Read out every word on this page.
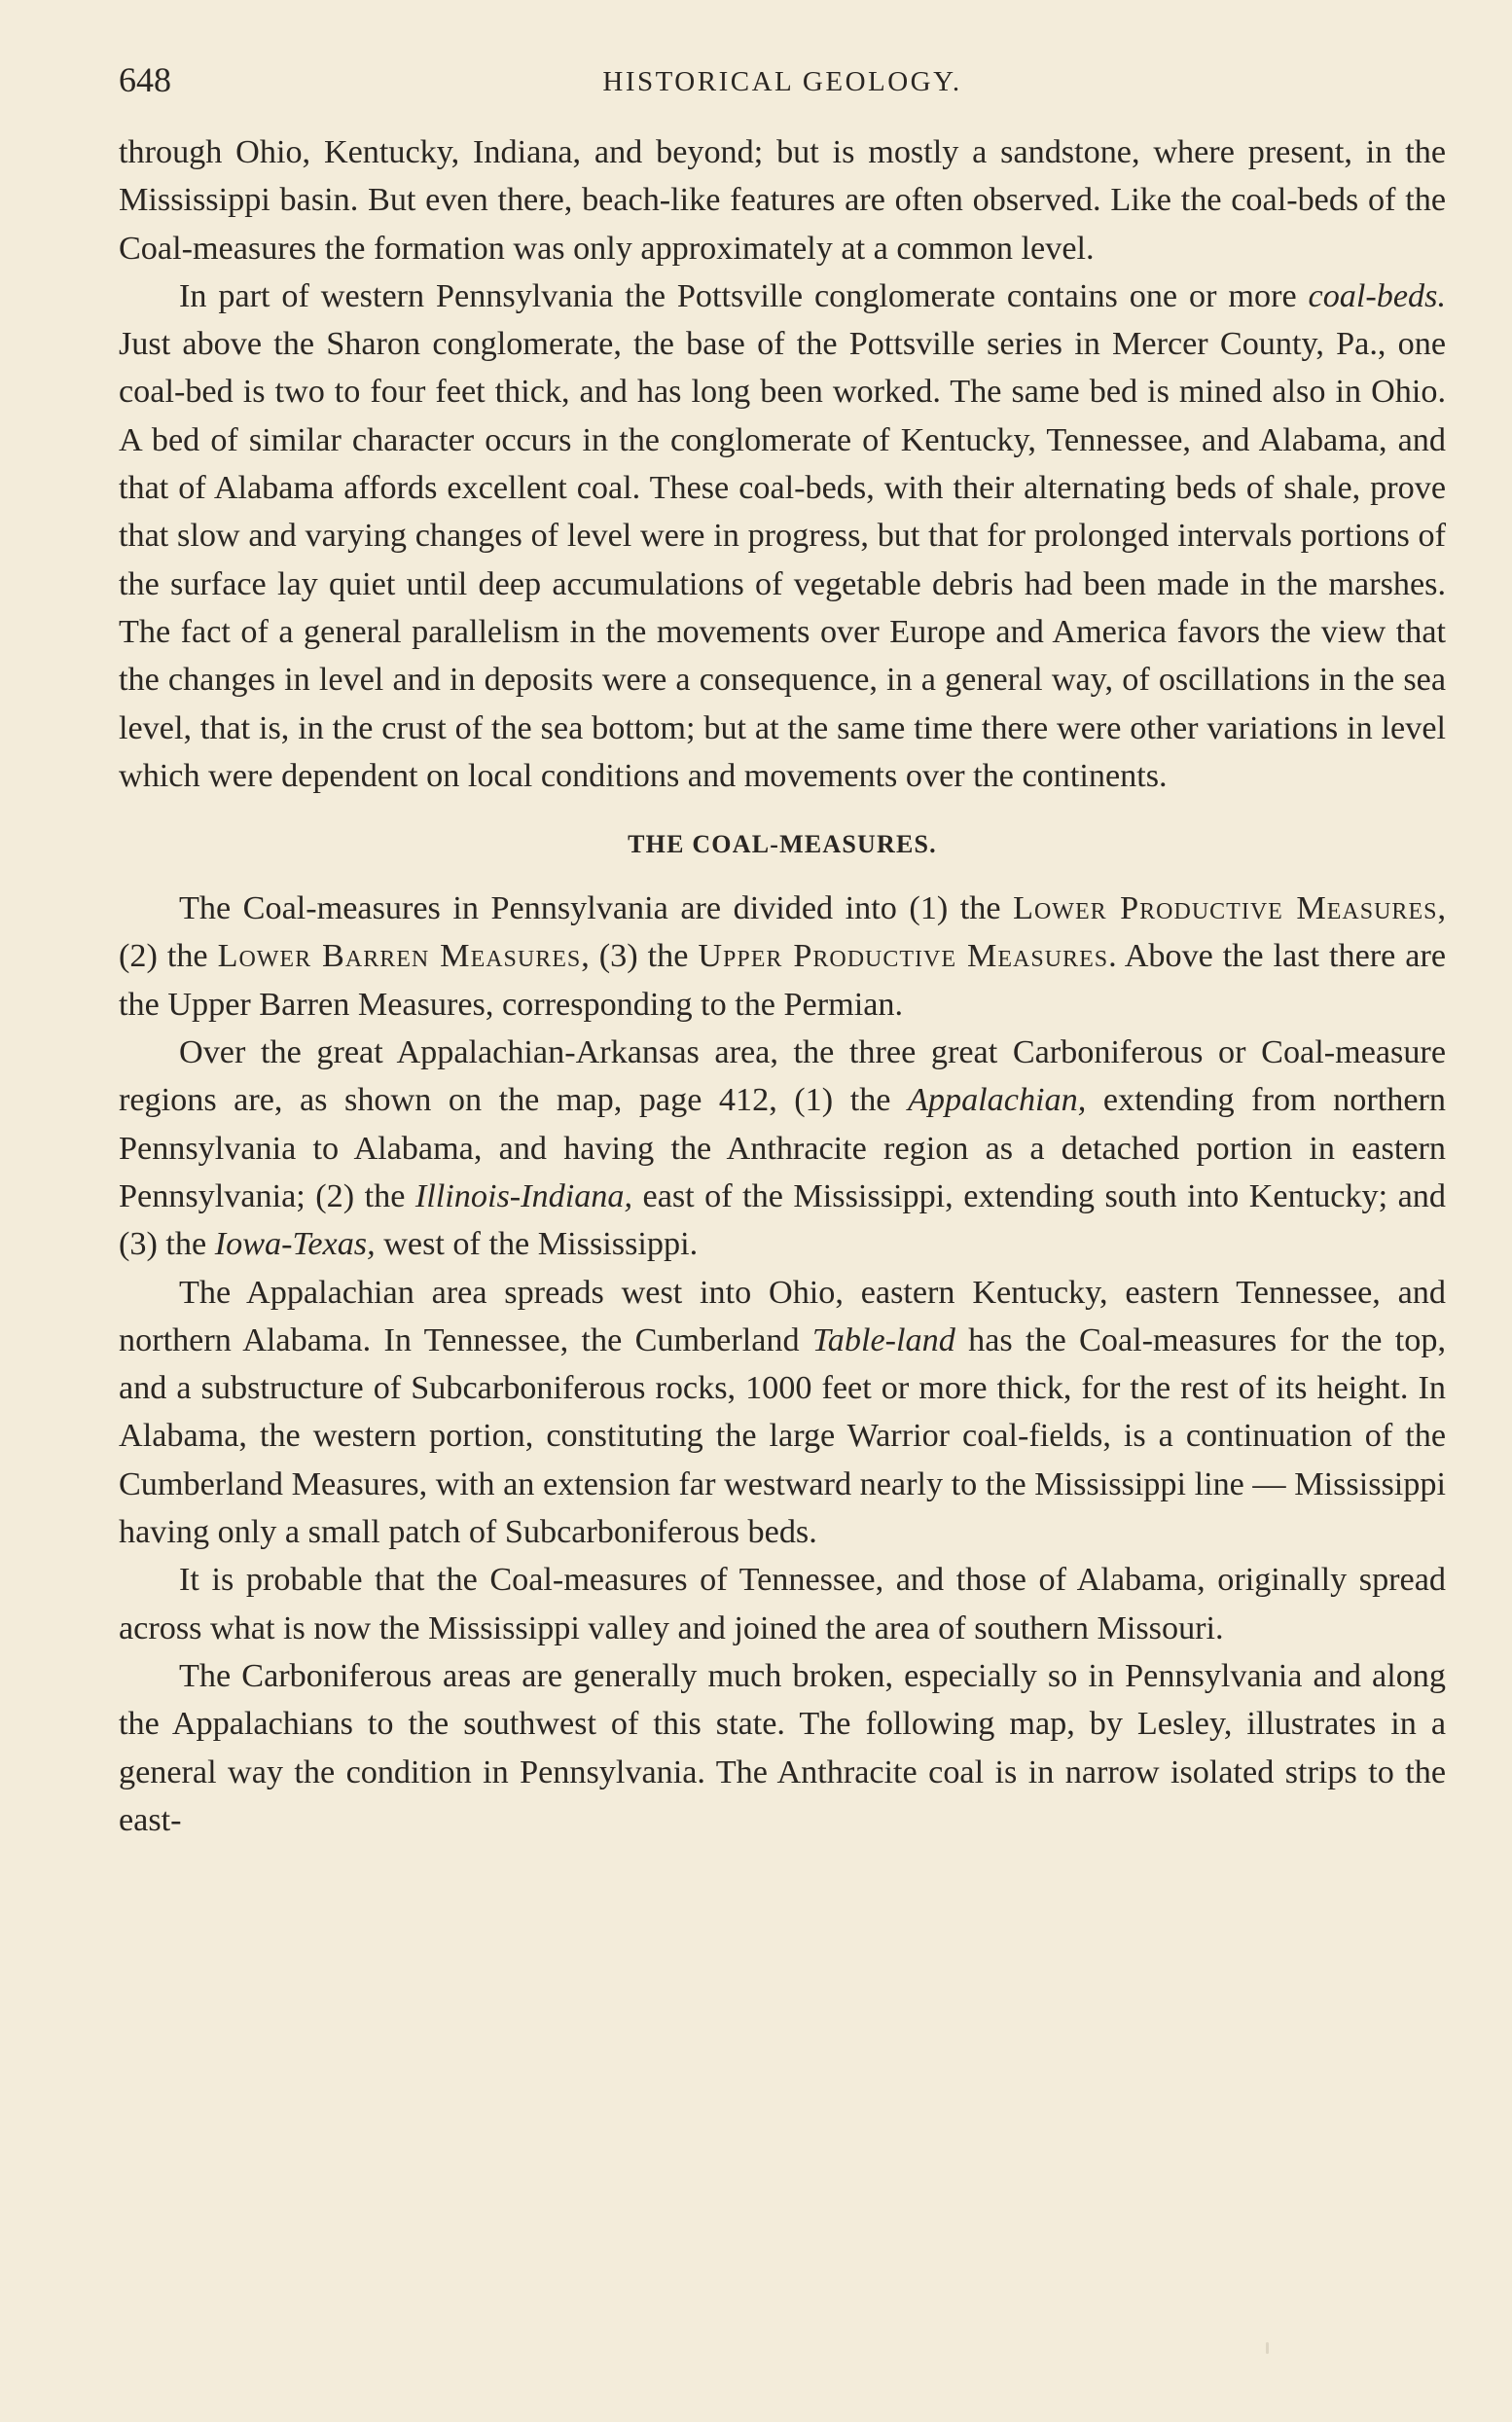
648	HISTORICAL GEOLOGY.

through Ohio, Kentucky, Indiana, and beyond; but is mostly a sandstone, where present, in the Mississippi basin. But even there, beach-like features are often observed. Like the coal-beds of the Coal-measures the formation was only approximately at a common level.

In part of western Pennsylvania the Pottsville conglomerate contains one or more coal-beds. Just above the Sharon conglomerate, the base of the Pottsville series in Mercer County, Pa., one coal-bed is two to four feet thick, and has long been worked. The same bed is mined also in Ohio. A bed of similar character occurs in the conglomerate of Kentucky, Tennessee, and Alabama, and that of Alabama affords excellent coal. These coal-beds, with their alternating beds of shale, prove that slow and varying changes of level were in progress, but that for prolonged intervals portions of the surface lay quiet until deep accumulations of vegetable debris had been made in the marshes. The fact of a general parallelism in the movements over Europe and America favors the view that the changes in level and in deposits were a consequence, in a general way, of oscillations in the sea level, that is, in the crust of the sea bottom; but at the same time there were other variations in level which were dependent on local conditions and movements over the continents.

THE COAL-MEASURES.

The Coal-measures in Pennsylvania are divided into (1) the Lower Productive Measures, (2) the Lower Barren Measures, (3) the Upper Productive Measures. Above the last there are the Upper Barren Measures, corresponding to the Permian.

Over the great Appalachian-Arkansas area, the three great Carboniferous or Coal-measure regions are, as shown on the map, page 412, (1) the Appalachian, extending from northern Pennsylvania to Alabama, and having the Anthracite region as a detached portion in eastern Pennsylvania; (2) the Illinois-Indiana, east of the Mississippi, extending south into Kentucky; and (3) the Iowa-Texas, west of the Mississippi.

The Appalachian area spreads west into Ohio, eastern Kentucky, eastern Tennessee, and northern Alabama. In Tennessee, the Cumberland Table-land has the Coal-measures for the top, and a substructure of Subcarboniferous rocks, 1000 feet or more thick, for the rest of its height. In Alabama, the western portion, constituting the large Warrior coal-fields, is a continuation of the Cumberland Measures, with an extension far westward nearly to the Mississippi line — Mississippi having only a small patch of Subcarboniferous beds.

It is probable that the Coal-measures of Tennessee, and those of Alabama, originally spread across what is now the Mississippi valley and joined the area of southern Missouri.

The Carboniferous areas are generally much broken, especially so in Pennsylvania and along the Appalachians to the southwest of this state. The following map, by Lesley, illustrates in a general way the condition in Pennsylvania. The Anthracite coal is in narrow isolated strips to the east-
